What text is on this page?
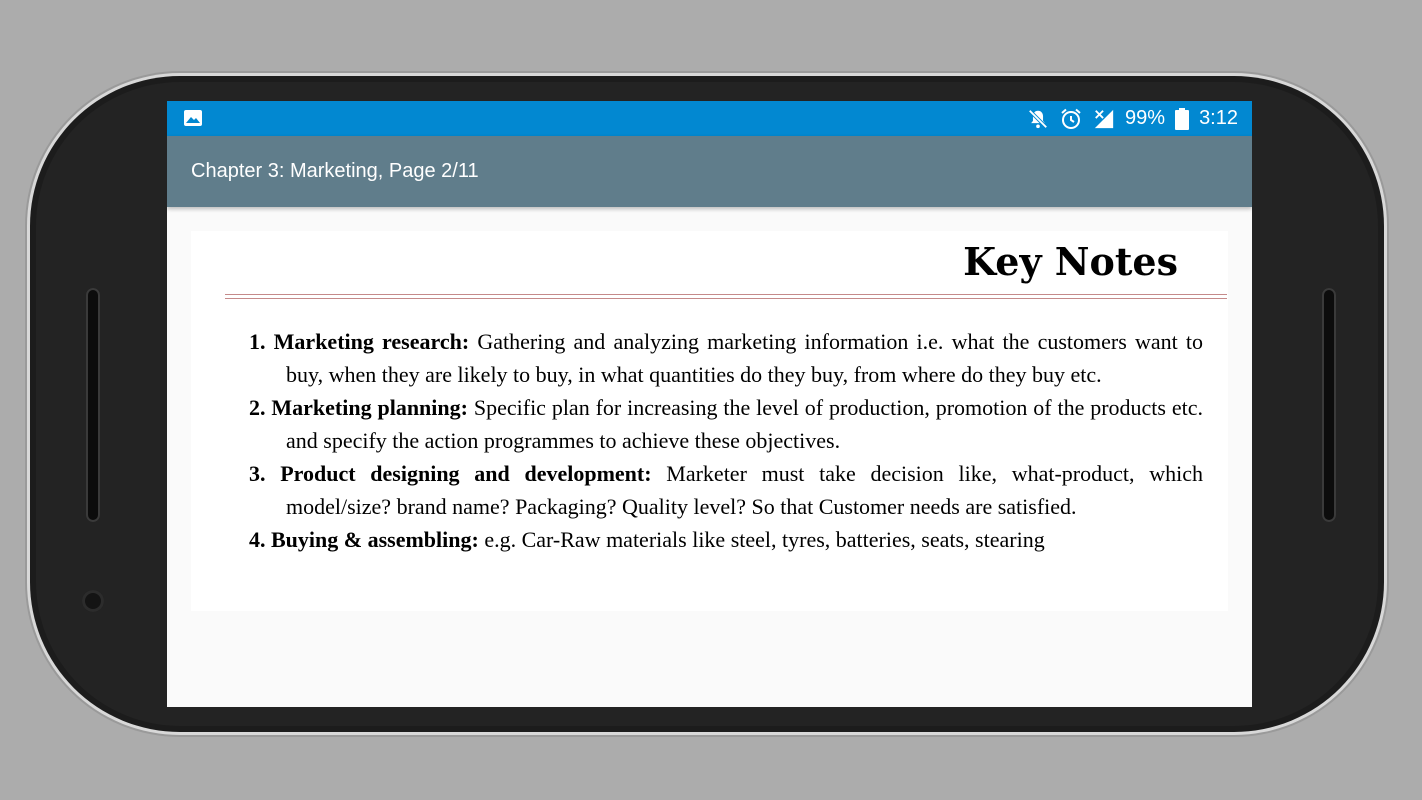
99% 3:12
Chapter 3: Marketing, Page 2/11
Key Notes
1. Marketing research: Gathering and analyzing marketing information i.e. what the customers want to buy, when they are likely to buy, in what quantities do they buy, from where do they buy etc.
2. Marketing planning: Specific plan for increasing the level of production, promotion of the products etc. and specify the action programmes to achieve these objectives.
3. Product designing and development: Marketer must take decision like, what-product, which model/size? brand name? Packaging? Quality level? So that Customer needs are satisfied.
4. Buying & assembling: e.g. Car-Raw materials like steel, tyres, batteries, seats, stearing
